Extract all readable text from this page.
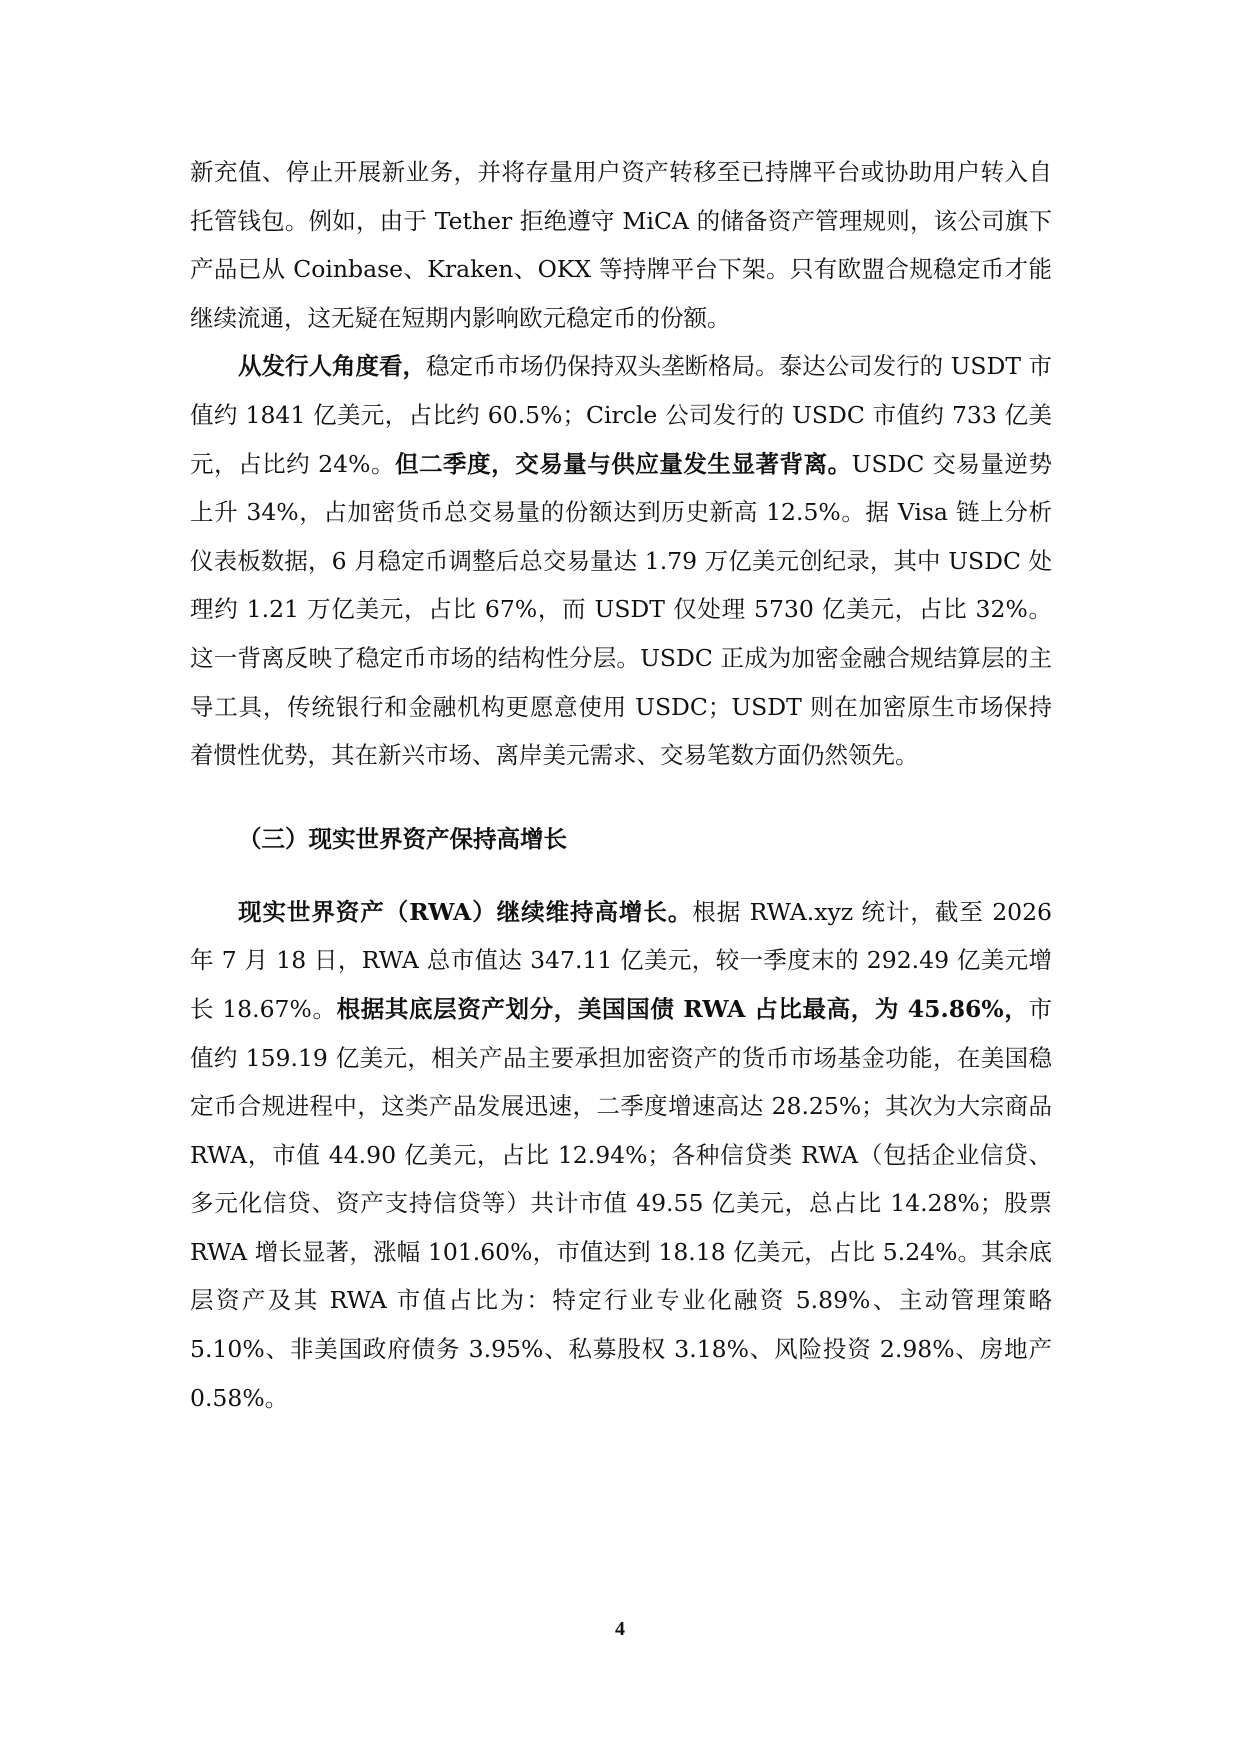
新充值、停止开展新业务，并将存量用户资产转移至已持牌平台或协助用户转入自托管钱包。例如，由于 Tether 拒绝遵守 MiCA 的储备资产管理规则，该公司旗下产品已从 Coinbase、Kraken、OKX 等持牌平台下架。只有欧盟合规稳定币才能继续流通，这无疑在短期内影响欧元稳定币的份额。

从发行人角度看，稳定币市场仍保持双头垄断格局。泰达公司发行的 USDT 市值约 1841 亿美元，占比约 60.5%；Circle 公司发行的 USDC 市值约 733 亿美元，占比约 24%。但二季度，交易量与供应量发生显著背离。USDC 交易量逆势上升 34%，占加密货币总交易量的份额达到历史新高 12.5%。据 Visa 链上分析仪表板数据，6 月稳定币调整后总交易量达 1.79 万亿美元创纪录，其中 USDC 处理约 1.21 万亿美元，占比 67%，而 USDT 仅处理 5730 亿美元，占比 32%。这一背离反映了稳定币市场的结构性分层。USDC 正成为加密金融合规结算层的主导工具，传统银行和金融机构更愿意使用 USDC；USDT 则在加密原生市场保持着惯性优势，其在新兴市场、离岸美元需求、交易笔数方面仍然领先。

（三）现实世界资产保持高增长

现实世界资产（RWA）继续维持高增长。根据 RWA.xyz 统计，截至 2026 年 7 月 18 日，RWA 总市值达 347.11 亿美元，较一季度末的 292.49 亿美元增长 18.67%。根据其底层资产划分，美国国债 RWA 占比最高，为 45.86%，市值约 159.19 亿美元，相关产品主要承担加密资产的货币市场基金功能，在美国稳定币合规进程中，这类产品发展迅速，二季度增速高达 28.25%；其次为大宗商品 RWA，市值 44.90 亿美元，占比 12.94%；各种信贷类 RWA（包括企业信贷、多元化信贷、资产支持信贷等）共计市值 49.55 亿美元，总占比 14.28%；股票 RWA 增长显著，涨幅 101.60%，市值达到 18.18 亿美元，占比 5.24%。其余底层资产及其 RWA 市值占比为：特定行业专业化融资 5.89%、主动管理策略 5.10%、非美国政府债务 3.95%、私募股权 3.18%、风险投资 2.98%、房地产 0.58%。

4
